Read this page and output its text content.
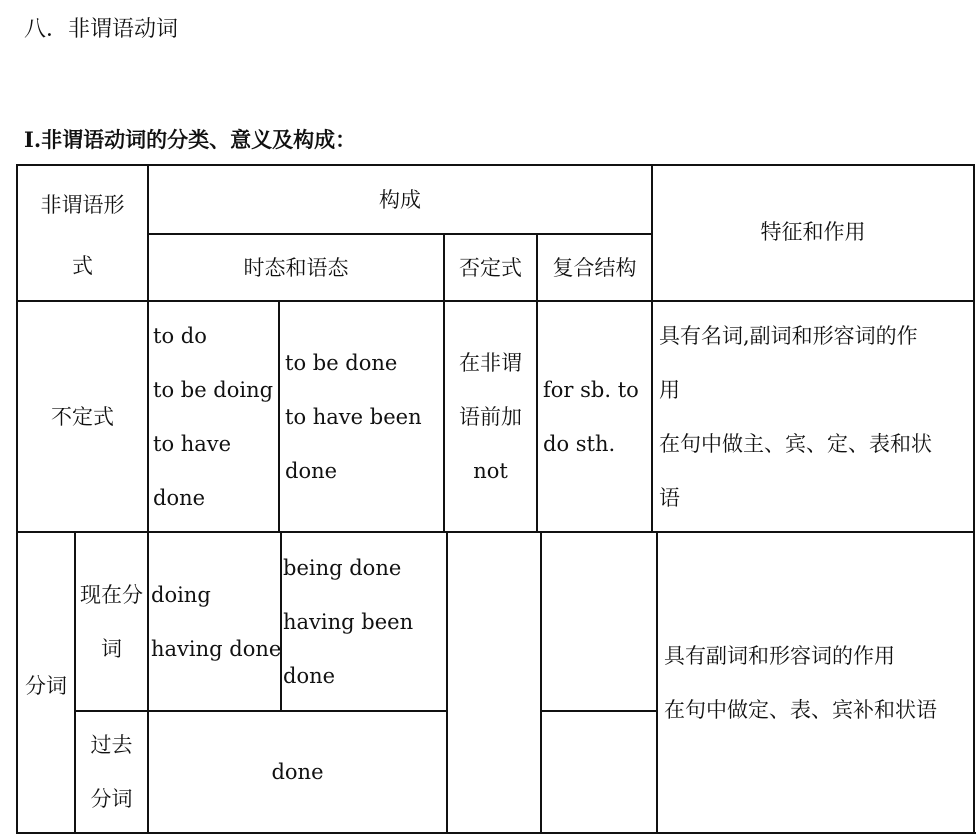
八．非谓语动词
I.非谓语动词的分类、意义及构成：
非谓语形
式
构成
时态和语态	否定式 复合结构
特征和作用
不定式
to do
to be doing
to have
done
to be done
to have been
done
在非谓
语前加
not
for sb. to
do sth.
具有名词,副词和形容词的作
用
在句中做主、宾、定、表和状
语
分词
现在分
词
doing
having done
being done
having been
done
过去
分词
done
具有副词和形容词的作用
在句中做定、表、宾补和状语
